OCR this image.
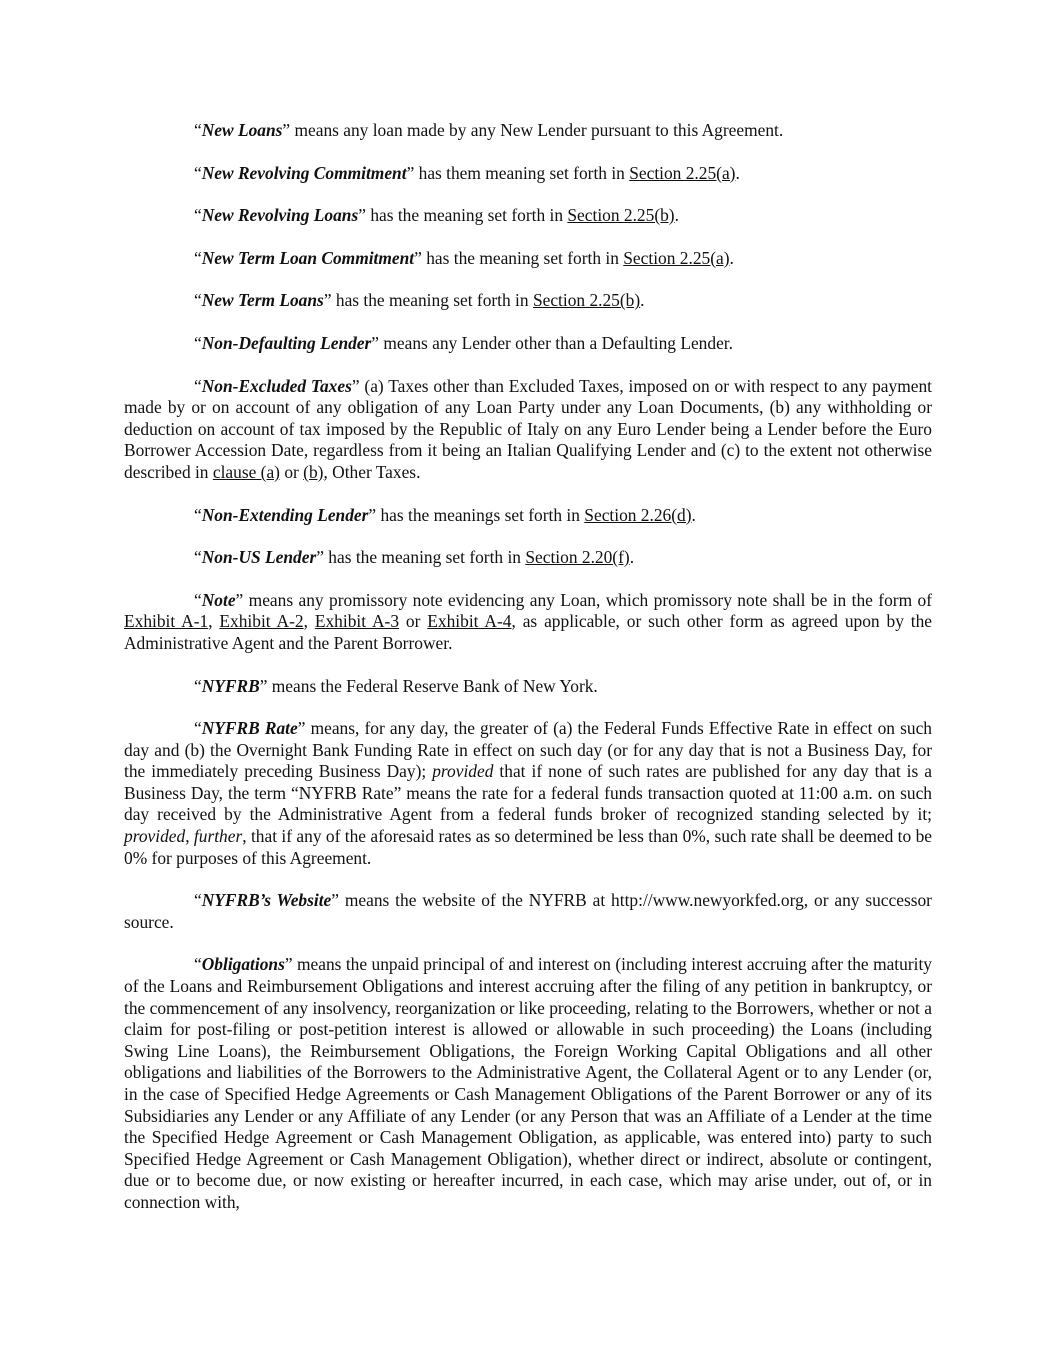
“New Loans” means any loan made by any New Lender pursuant to this Agreement.

“New Revolving Commitment” has them meaning set forth in Section 2.25(a).

“New Revolving Loans” has the meaning set forth in Section 2.25(b).

“New Term Loan Commitment” has the meaning set forth in Section 2.25(a).

“New Term Loans” has the meaning set forth in Section 2.25(b).

“Non-Defaulting Lender” means any Lender other than a Defaulting Lender.

“Non-Excluded Taxes” (a) Taxes other than Excluded Taxes, imposed on or with respect to any payment made by or on account of any obligation of any Loan Party under any Loan Documents, (b) any withholding or deduction on account of tax imposed by the Republic of Italy on any Euro Lender being a Lender before the Euro Borrower Accession Date, regardless from it being an Italian Qualifying Lender and (c) to the extent not otherwise described in clause (a) or (b), Other Taxes.

“Non-Extending Lender” has the meanings set forth in Section 2.26(d).

“Non-US Lender” has the meaning set forth in Section 2.20(f).

“Note” means any promissory note evidencing any Loan, which promissory note shall be in the form of Exhibit A-1, Exhibit A-2, Exhibit A-3 or Exhibit A-4, as applicable, or such other form as agreed upon by the Administrative Agent and the Parent Borrower.

“NYFRB” means the Federal Reserve Bank of New York.

“NYFRB Rate” means, for any day, the greater of (a) the Federal Funds Effective Rate in effect on such day and (b) the Overnight Bank Funding Rate in effect on such day (or for any day that is not a Business Day, for the immediately preceding Business Day); provided that if none of such rates are published for any day that is a Business Day, the term “NYFRB Rate” means the rate for a federal funds transaction quoted at 11:00 a.m. on such day received by the Administrative Agent from a federal funds broker of recognized standing selected by it; provided, further, that if any of the aforesaid rates as so determined be less than 0%, such rate shall be deemed to be 0% for purposes of this Agreement.

“NYFRB’s Website” means the website of the NYFRB at http://www.newyorkfed.org, or any successor source.

“Obligations” means the unpaid principal of and interest on (including interest accruing after the maturity of the Loans and Reimbursement Obligations and interest accruing after the filing of any petition in bankruptcy, or the commencement of any insolvency, reorganization or like proceeding, relating to the Borrowers, whether or not a claim for post-filing or post-petition interest is allowed or allowable in such proceeding) the Loans (including Swing Line Loans), the Reimbursement Obligations, the Foreign Working Capital Obligations and all other obligations and liabilities of the Borrowers to the Administrative Agent, the Collateral Agent or to any Lender (or, in the case of Specified Hedge Agreements or Cash Management Obligations of the Parent Borrower or any of its Subsidiaries any Lender or any Affiliate of any Lender (or any Person that was an Affiliate of a Lender at the time the Specified Hedge Agreement or Cash Management Obligation, as applicable, was entered into) party to such Specified Hedge Agreement or Cash Management Obligation), whether direct or indirect, absolute or contingent, due or to become due, or now existing or hereafter incurred, in each case, which may arise under, out of, or in connection with,
